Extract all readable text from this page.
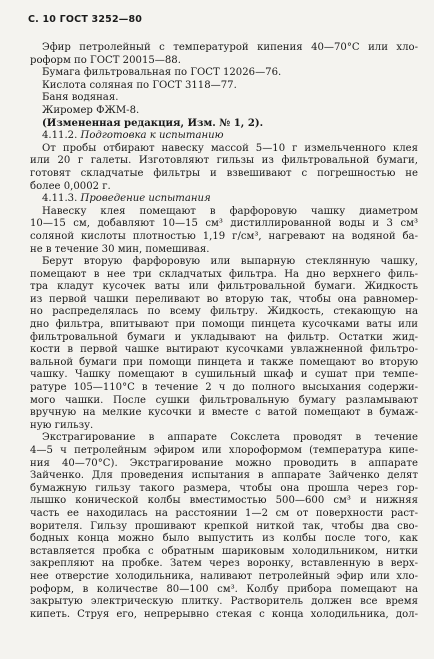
С. 10 ГОСТ 3252—80
Эфир петролейный с температурой кипения 40—70°С или хло-
роформ по ГОСТ 20015—88.
Бумага фильтровальная по ГОСТ 12026—76.
Кислота соляная по ГОСТ 3118—77.
Баня водяная.
Жиромер ФЖМ-8.
(Измененная редакция, Изм. № 1, 2).
4.11.2. Подготовка к испытанию
От пробы отбирают навеску массой 5—10 г измельченного клея
или 20 г галеты. Изготовляют гильзы из фильтровальной бумаги,
готовят складчатые фильтры и взвешивают с погрешностью не
более 0,0002 г.
4.11.3. Проведение испытания
Навеску клея помещают в фарфоровую чашку диаметром
10—15 см, добавляют 10—15 см³ дистиллированной воды и 3 см³
соляной кислоты плотностью 1,19 г/см³, нагревают на водяной ба-
не в течение 30 мин, помешивая.
Берут вторую фарфоровую или выпарную стеклянную чашку,
помещают в нее три складчатых фильтра. На дно верхнего филь-
тра кладут кусочек ваты или фильтровальной бумаги. Жидкость
из первой чашки переливают во вторую так, чтобы она равномер-
но распределялась по всему фильтру. Жидкость, стекающую на
дно фильтра, впитывают при помощи пинцета кусочками ваты или
фильтровальной бумаги и укладывают на фильтр. Остатки жид-
кости в первой чашке вытирают кусочками увлажненной фильтро-
вальной бумаги при помощи пинцета и также помещают во вторую
чашку. Чашку помещают в сушильный шкаф и сушат при темпе-
ратуре 105—110°С в течение 2 ч до полного высыхания содержи-
мого чашки. После сушки фильтровальную бумагу разламывают
вручную на мелкие кусочки и вместе с ватой помещают в бумаж-
ную гильзу.
Экстрагирование в аппарате Сокслета проводят в течение
4—5 ч петролейным эфиром или хлороформом (температура кипе-
ния 40—70°С). Экстрагирование можно проводить в аппарате
Зайченко. Для проведения испытания в аппарате Зайченко делят
бумажную гильзу такого размера, чтобы она прошла через гор-
лышко конической колбы вместимостью 500—600 см³ и нижняя
часть ее находилась на расстоянии 1—2 см от поверхности раст-
ворителя. Гильзу прошивают крепкой ниткой так, чтобы два сво-
бодных конца можно было выпустить из колбы после того, как
вставляется пробка с обратным шариковым холодильником, нитки
закрепляют на пробке. Затем через воронку, вставленную в верх-
нее отверстие холодильника, наливают петролейный эфир или хло-
роформ, в количестве 80—100 см³. Колбу прибора помещают на
закрытую электрическую плитку. Растворитель должен все время
кипеть. Струя его, непрерывно стекая с конца холодильника, дол-
